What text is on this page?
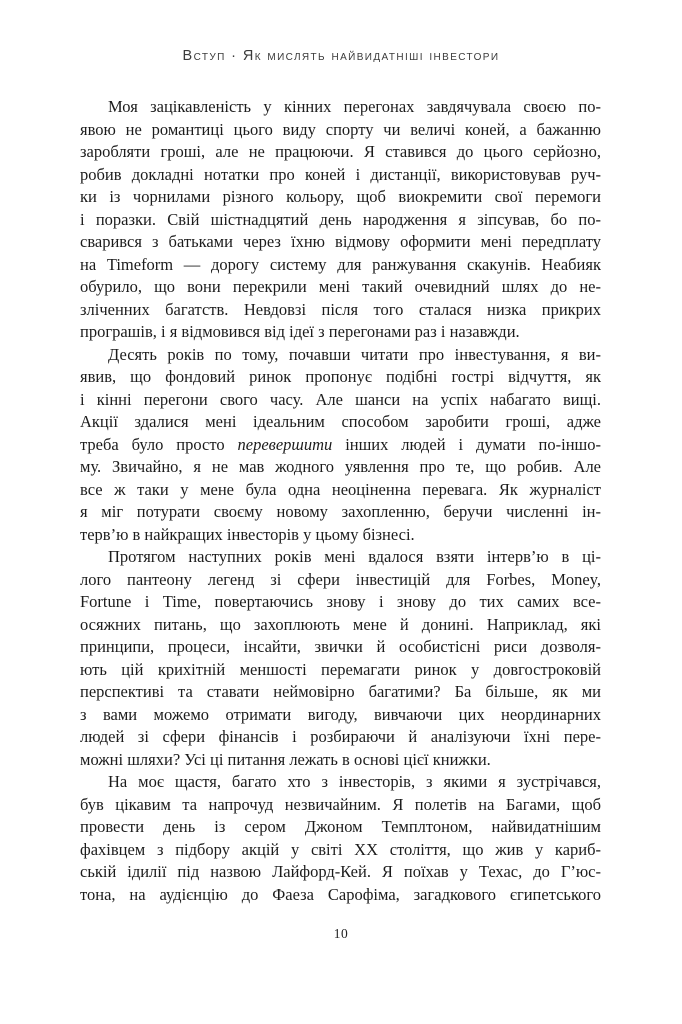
Вступ · Як мислять найвидатніші інвестори
Моя зацікавленість у кінних перегонах завдячувала своєю по-
явою не романтиці цього виду спорту чи величі коней, а бажанню
заробляти гроші, але не працюючи. Я ставився до цього серйозно,
робив докладні нотатки про коней і дистанції, використовував руч-
ки із чорнилами різного кольору, щоб виокремити свої перемоги
і поразки. Свій шістнадцятий день народження я зіпсував, бо по-
сварився з батьками через їхню відмову оформити мені передплату
на Timeform — дорогу систему для ранжування скакунів. Неабияк
обурило, що вони перекрили мені такий очевидний шлях до не-
зліченних багатств. Невдовзі після того сталася низка прикрих
програшів, і я відмовився від ідеї з перегонами раз і назавжди.
Десять років по тому, почавши читати про інвестування, я ви-
явив, що фондовий ринок пропонує подібні гострі відчуття, як
і кінні перегони свого часу. Але шанси на успіх набагато вищі.
Акції здалися мені ідеальним способом заробити гроші, адже
треба було просто перевершити інших людей і думати по-іншо-
му. Звичайно, я не мав жодного уявлення про те, що робив. Але
все ж таки у мене була одна неоціненна перевага. Як журналіст
я міг потурати своєму новому захопленню, беручи численні ін-
терв’ю в найкращих інвесторів у цьому бізнесі.
Протягом наступних років мені вдалося взяти інтерв’ю в ці-
лого пантеону легенд зі сфери інвестицій для Forbes, Money,
Fortune і Time, повертаючись знову і знову до тих самих все-
осяжних питань, що захоплюють мене й донині. Наприклад, які
принципи, процеси, інсайти, звички й особистісні риси дозволя-
ють цій крихітній меншості перемагати ринок у довгостроковій
перспективі та ставати неймовірно багатими? Ба більше, як ми
з вами можемо отримати вигоду, вивчаючи цих неординарних
людей зі сфери фінансів і розбираючи й аналізуючи їхні пере-
можні шляхи? Усі ці питання лежать в основі цієї книжки.
На моє щастя, багато хто з інвесторів, з якими я зустрічався,
був цікавим та напрочуд незвичайним. Я полетів на Багами, щоб
провести день із сером Джоном Темплтоном, найвидатнішим
фахівцем з підбору акцій у світі XX століття, що жив у кариб-
ській ідилії під назвою Лайфорд-Кей. Я поїхав у Техас, до Г’юс-
тона, на аудієнцію до Фаеза Сарофіма, загадкового єгипетського
10
